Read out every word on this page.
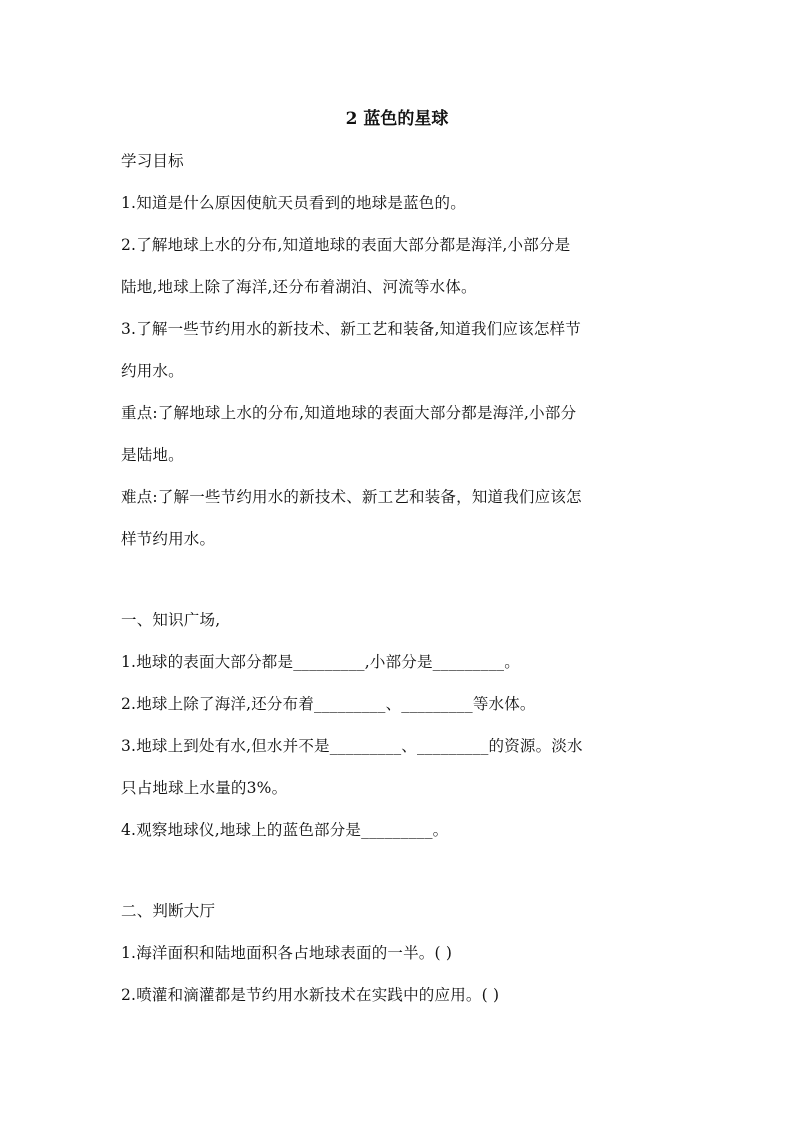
2 蓝色的星球
学习目标
1.知道是什么原因使航天员看到的地球是蓝色的。
2.了解地球上水的分布,知道地球的表面大部分都是海洋,小部分是
陆地,地球上除了海洋,还分布着湖泊、河流等水体。
3.了解一些节约用水的新技术、新工艺和装备,知道我们应该怎样节
约用水。
重点:了解地球上水的分布,知道地球的表面大部分都是海洋,小部分
是陆地。
难点:了解一些节约用水的新技术、新工艺和装备，知道我们应该怎
样节约用水。
一、知识广场,
1.地球的表面大部分都是_________,小部分是_________。
2.地球上除了海洋,还分布着_________、_________等水体。
3.地球上到处有水,但水并不是_________、_________的资源。淡水
只占地球上水量的3%。
4.观察地球仪,地球上的蓝色部分是_________。
二、判断大厅
1.海洋面积和陆地面积各占地球表面的一半。( )
2.喷灌和滴灌都是节约用水新技术在实践中的应用。( )
